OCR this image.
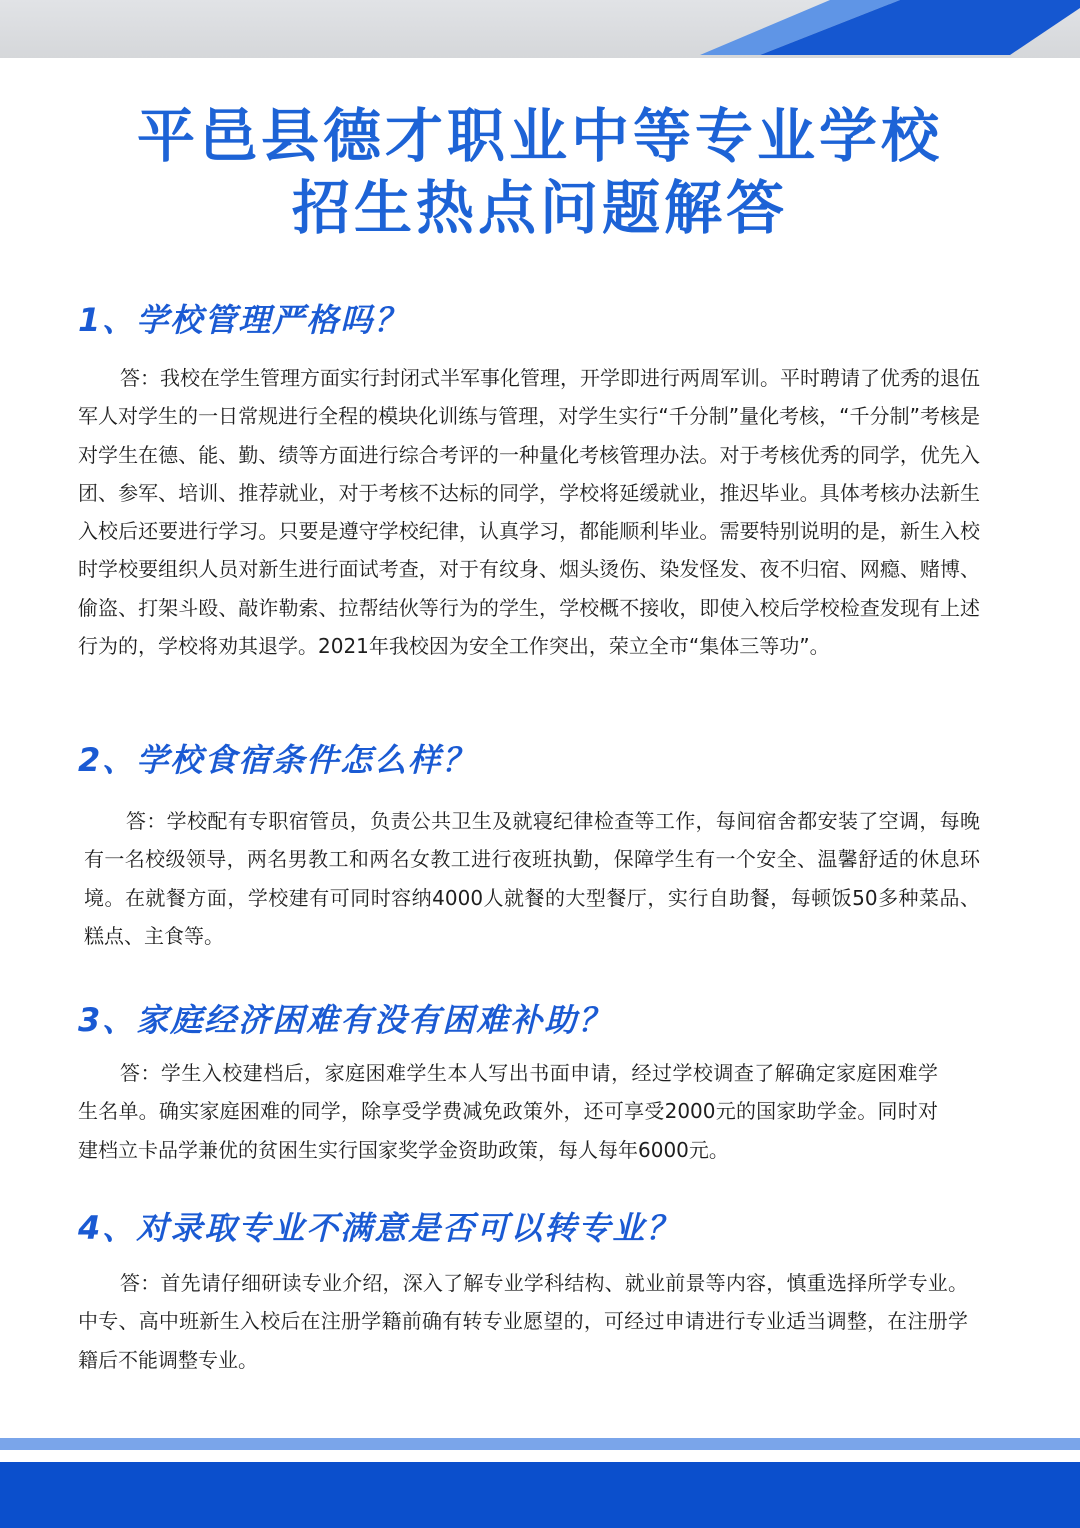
平邑县德才职业中等专业学校
招生热点问题解答
1、学校管理严格吗？
答：我校在学生管理方面实行封闭式半军事化管理，开学即进行两周军训。平时聘请了优秀的退伍军人对学生的一日常规进行全程的模块化训练与管理，对学生实行“千分制”量化考核，“千分制”考核是对学生在德、能、勤、绩等方面进行综合考评的一种量化考核管理办法。对于考核优秀的同学，优先入团、参军、培训、推荐就业，对于考核不达标的同学，学校将延缓就业，推迟毕业。具体考核办法新生入校后还要进行学习。只要是遵守学校纪律，认真学习，都能顺利毕业。需要特别说明的是，新生入校时学校要组织人员对新生进行面试考查，对于有纹身、烟头烫伤、染发怪发、夜不归宿、网瘾、赌博、偷盗、打架斗殴、敲诈勒索、拉帮结伙等行为的学生，学校概不接收，即使入校后学校检查发现有上述行为的，学校将劝其退学。2021年我校因为安全工作突出，荣立全市“集体三等功”。
2、学校食宿条件怎么样？
答：学校配有专职宿管员，负责公共卫生及就寝纪律检查等工作，每间宿舍都安装了空调，每晚有一名校级领导，两名男教工和两名女教工进行夜班执勤，保障学生有一个安全、温馨舒适的休息环境。在就餐方面，学校建有可同时容纳4000人就餐的大型餐厅，实行自助餐，每顿饭50多种菜品、糕点、主食等。
3、家庭经济困难有没有困难补助？
答：学生入校建档后，家庭困难学生本人写出书面申请，经过学校调查了解确定家庭困难学生名单。确实家庭困难的同学，除享受学费减免政策外，还可享受2000元的国家助学金。同时对建档立卡品学兼优的贫困生实行国家奖学金资助政策，每人每年6000元。
4、对录取专业不满意是否可以转专业？
答：首先请仔细研读专业介绍，深入了解专业学科结构、就业前景等内容，慎重选择所学专业。中专、高中班新生入校后在注册学籍前确有转专业愿望的，可经过申请进行专业适当调整，在注册学籍后不能调整专业。
